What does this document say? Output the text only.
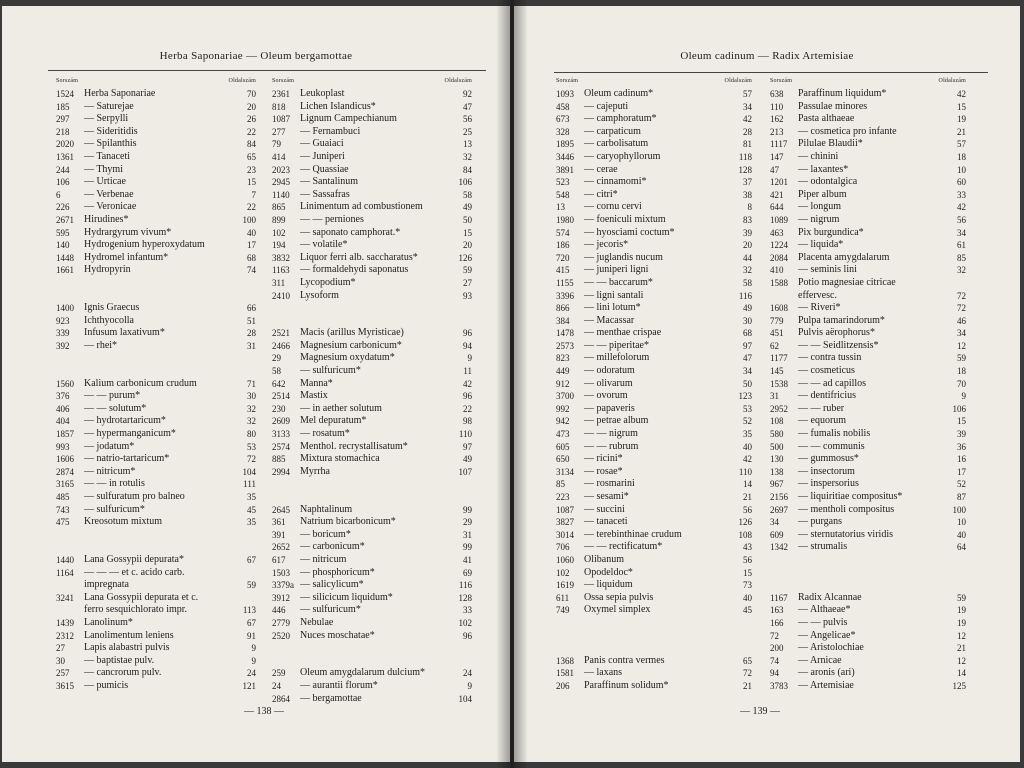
Herba Saponariae — Oleum bergamottae
Sorszám	Oldalszám
1524 Herba Saponariae	70
185 — Saturejae	20
297 — Serpylli	26
218 — Sideritidis	22
2020 — Spilanthis	84
1361 — Tanaceti	65
244 — Thymi	23
106 — Urticae	15
6 — Verbenae	7
226 — Veronicae	22
2671 Hirudines*	100
595 Hydrargyrum vivum*	40
140 Hydrogenium hyperoxydatum	17
1448 Hydromel infantum*	68
1661 Hydropyrin	74
1400 Ignis Graecus	66
923 Ichthyocolla	51
339 Infusum laxativum*	28
392 — rhei*	31
1560 Kalium carbonicum crudum	71
376 — — purum*	30
406 — — solutum*	32
404 — hydrotartaricum*	32
1857 — hypermanganicum*	80
993 — jodatum*	53
1606 — natrio-tartaricum*	72
2874 — nitricum*	104
3165 — — in rotulis	111
485 — sulfuratum pro balneo	35
743 — sulfuricum*	45
475 Kreosotum mixtum	35
1440 Lana Gossypii depurata*	67
1164 — — — et c. acido carb.
impregnata	59
3241 Lana Gossypii depurata et c.
ferro sesquichlorato impr.	113
1439 Lanolinum*	67
2312 Lanolimentum leniens	91
27 Lapis alabastri pulvis	9
30 — baptistae pulv.	9
257 — cancrorum pulv.	24
3615 — pumicis	121
Sorszám	Oldalszám
2361 Leukoplast	92
818 Lichen Islandicus*	47
1087 Lignum Campechianum	56
277 — Fernambuci	25
79 — Guaiaci	13
414 — Juniperi	32
2023 — Quassiae	84
2945 — Santalinum	106
1140 — Sassafras	58
865 Linimentum ad combustionem	49
899 — — perniones	50
102 — saponato camphorat.*	15
194 — volatile*	20
3832 Liquor ferri alb. saccharatus*	126
1163 — formaldehydi saponatus	59
311 Lycopodium*	27
2410 Lysoform	93
2521 Macis (arillus Myristicae)	96
2466 Magnesium carbonicum*	94
29 Magnesium oxydatum*	9
58 — sulfuricum*	11
642 Manna*	42
2514 Mastix	96
230 — in aether solutum	22
2609 Mel depuratum*	98
3133 — rosatum*	110
2574 Menthol. recrystallisatum*	97
885 Mixtura stomachica	49
2994 Myrrha	107
2645 Naphtalinum	99
361 Natrium bicarbonicum*	29
391 — boricum*	31
2652 — carbonicum*	99
617 — nitricum	41
1503 — phosphoricum*	69
3379a — salicylicum*	116
3912 — silicicum liquidum*	128
446 — sulfuricum*	33
2779 Nebulae	102
2520 Nuces moschatae*	96
259 Oleum amygdalarum dulcium*	24
24 — aurantii florum*	9
2864 — bergamottae	104
— 138 —
Oleum cadinum — Radix Artemisiae
Sorszám	Oldalszám
1093 Oleum cadinum*	57
458 — cajeputi	34
673 — camphoratum*	42
328 — carpaticum	28
1895 — carbolisatum	81
3446 — caryophyllorum	118
3891 — cerae	128
523 — cinnamomi*	37
548 — citri*	38
13 — cornu cervi	8
1980 — foeniculi mixtum	83
574 — hyosciami coctum*	39
186 — jecoris*	20
720 — juglandis nucum	44
415 — juniperi ligni	32
1155 — — baccarum*	58
3396 — ligni santali	116
866 — lini lotum*	49
384 — Macassar	30
1478 — menthae crispae	68
2573 — — piperitae*	97
823 — millefolorum	47
449 — odoratum	34
912 — olivarum	50
3700 — ovorum	123
992 — papaveris	53
942 — petrae album	52
473 — — nigrum	35
605 — — rubrum	40
650 — ricini*	42
3134 — rosae*	110
85 — rosmarini	14
223 — sesami*	21
1087 — succini	56
3827 — tanaceti	126
3014 — terebinthinae crudum	108
706 — — rectificatum*	43
1060 Olibanum	56
102 Opodeldoc*	15
1619 — liquidum	73
611 Ossa sepia pulvis	40
749 Oxymel simplex	45
1368 Panis contra vermes	65
1581 — laxans	72
206 Paraffinum solidum*	21
Sorszám	Oldalszám
638 Paraffinum liquidum*	42
110 Passulae minores	15
162 Pasta althaeae	19
213 — cosmetica pro infante	21
1117 Pilulae Blaudii*	57
147 — chinini	18
47 — laxantes*	10
1201 — odontalgica	60
421 Piper album	33
644 — longum	42
1089 — nigrum	56
463 Pix burgundica*	34
1224 — liquida*	61
2084 Placenta amygdalarum	85
410 — seminis lini	32
1588 Potio magnesiae citricae
effervesc.	72
1608 — Riveri*	72
779 Pulpa tamarindorum*	46
451 Pulvis aërophorus*	34
62 — — Seidlitzensis*	12
1177 — contra tussin	59
145 — cosmeticus	18
1538 — — ad capillos	70
31 — dentifricius	9
2952 — — ruber	106
108 — equorum	15
580 — fumalis nobilis	39
500 — — communis	36
130 — gummosus*	16
138 — insectorum	17
967 — inspersorius	52
2156 — liquiritiae compositus*	87
2697 — mentholi compositus	100
34 — purgans	10
609 — sternutatorius viridis	40
1342 — strumalis	64
1167 Radix Alcannae	59
163 — Althaeae*	19
166 — — pulvis	19
72 — Angelicae*	12
200 — Aristolochiae	21
74 — Arnicae	12
94 — aronis (ari)	14
3783 — Artemisiae	125
— 139 —
